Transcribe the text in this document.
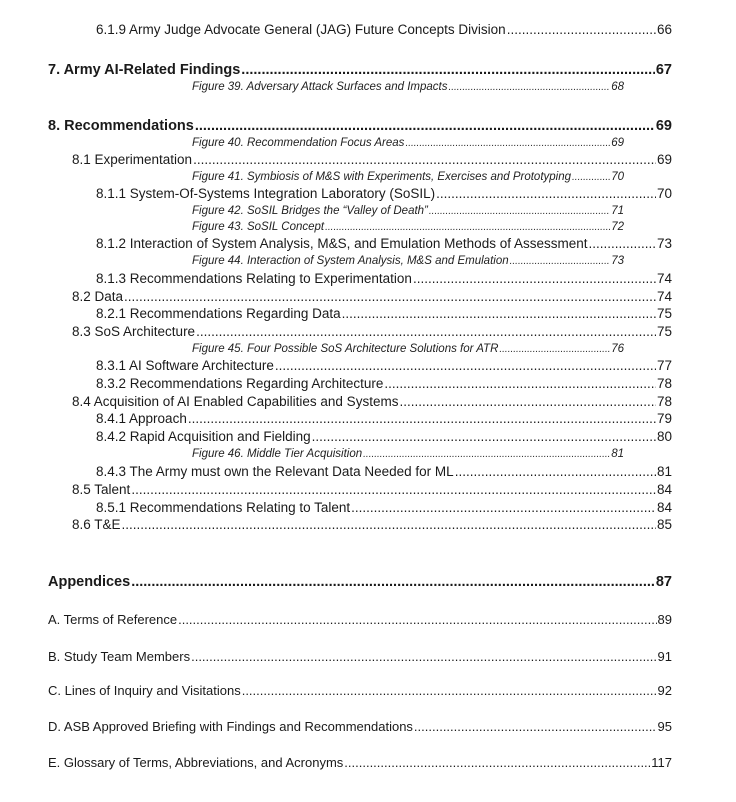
6.1.9 Army Judge Advocate General (JAG) Future Concepts Division .....	66
7. Army AI-Related Findings .....	67
Figure 39. Adversary Attack Surfaces and Impacts .....	68
8. Recommendations .....	69
Figure 40. Recommendation Focus Areas .....	69
8.1 Experimentation .....	69
Figure 41. Symbiosis of M&S with Experiments, Exercises and Prototyping .....	70
8.1.1 System-Of-Systems Integration Laboratory (SoSIL) .....	70
Figure 42. SoSIL Bridges the “Valley of Death” .....	71
Figure 43. SoSIL Concept .....	72
8.1.2 Interaction of System Analysis, M&S, and Emulation Methods of Assessment .....	73
Figure 44. Interaction of System Analysis, M&S and Emulation .....	73
8.1.3 Recommendations Relating to Experimentation .....	74
8.2 Data .....	74
8.2.1 Recommendations Regarding Data .....	75
8.3 SoS Architecture .....	75
Figure 45. Four Possible SoS Architecture Solutions for ATR .....	76
8.3.1 AI Software Architecture .....	77
8.3.2 Recommendations Regarding Architecture .....	78
8.4 Acquisition of AI Enabled Capabilities and Systems .....	78
8.4.1 Approach .....	79
8.4.2 Rapid Acquisition and Fielding .....	80
Figure 46. Middle Tier Acquisition .....	81
8.4.3 The Army must own the Relevant Data Needed for ML .....	81
8.5 Talent .....	84
8.5.1 Recommendations Relating to Talent .....	84
8.6 T&E .....	85
Appendices .....	87
A. Terms of Reference .....	89
B. Study Team Members .....	91
C. Lines of Inquiry and Visitations .....	92
D. ASB Approved Briefing with Findings and Recommendations .....	95
E. Glossary of Terms, Abbreviations, and Acronyms .....	117
